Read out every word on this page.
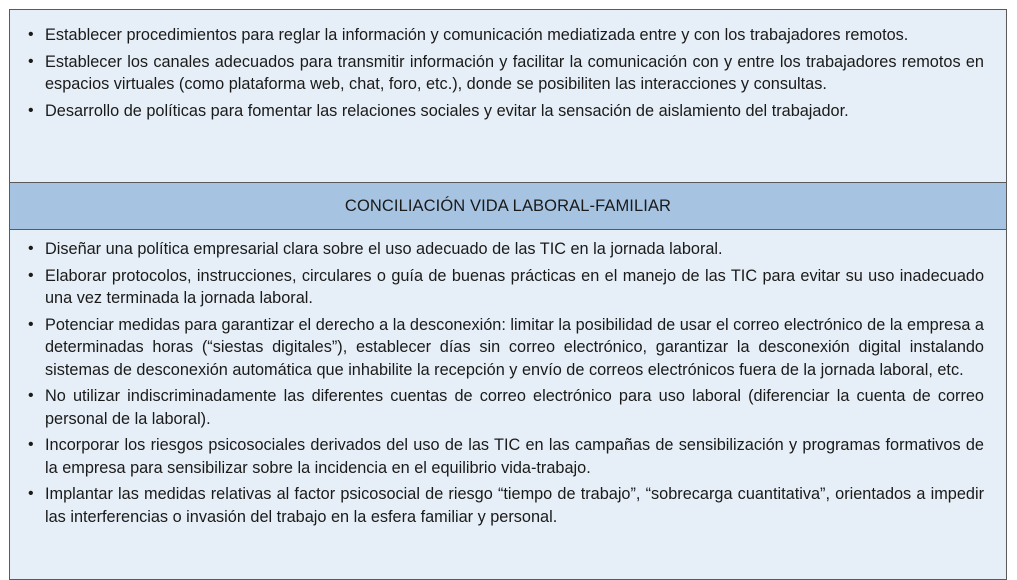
• Establecer procedimientos para reglar la información y comunicación mediatizada entre y con los trabajadores remotos.
• Establecer los canales adecuados para transmitir información y facilitar la comunicación con y entre los trabajadores remotos en espacios virtuales (como plataforma web, chat, foro, etc.), donde se posibiliten las interacciones y consultas.
• Desarrollo de políticas para fomentar las relaciones sociales y evitar la sensación de aislamiento del trabajador.
CONCILIACIÓN VIDA LABORAL-FAMILIAR
• Diseñar una política empresarial clara sobre el uso adecuado de las TIC en la jornada laboral.
• Elaborar protocolos, instrucciones, circulares o guía de buenas prácticas en el manejo de las TIC para evitar su uso inadecuado una vez terminada la jornada laboral.
• Potenciar medidas para garantizar el derecho a la desconexión: limitar la posibilidad de usar el correo electrónico de la empresa a determinadas horas (“siestas digitales”), establecer días sin correo electrónico, garantizar la desconexión digital instalando sistemas de desconexión automática que inhabilite la recepción y envío de correos electrónicos fuera de la jornada laboral, etc.
• No utilizar indiscriminadamente las diferentes cuentas de correo electrónico para uso laboral (diferenciar la cuenta de correo personal de la laboral).
• Incorporar los riesgos psicosociales derivados del uso de las TIC en las campañas de sensibilización y programas formativos de la empresa para sensibilizar sobre la incidencia en el equilibrio vida-trabajo.
• Implantar las medidas relativas al factor psicosocial de riesgo “tiempo de trabajo”, “sobrecarga cuantitativa”, orientados a impedir las interferencias o invasión del trabajo en la esfera familiar y personal.
